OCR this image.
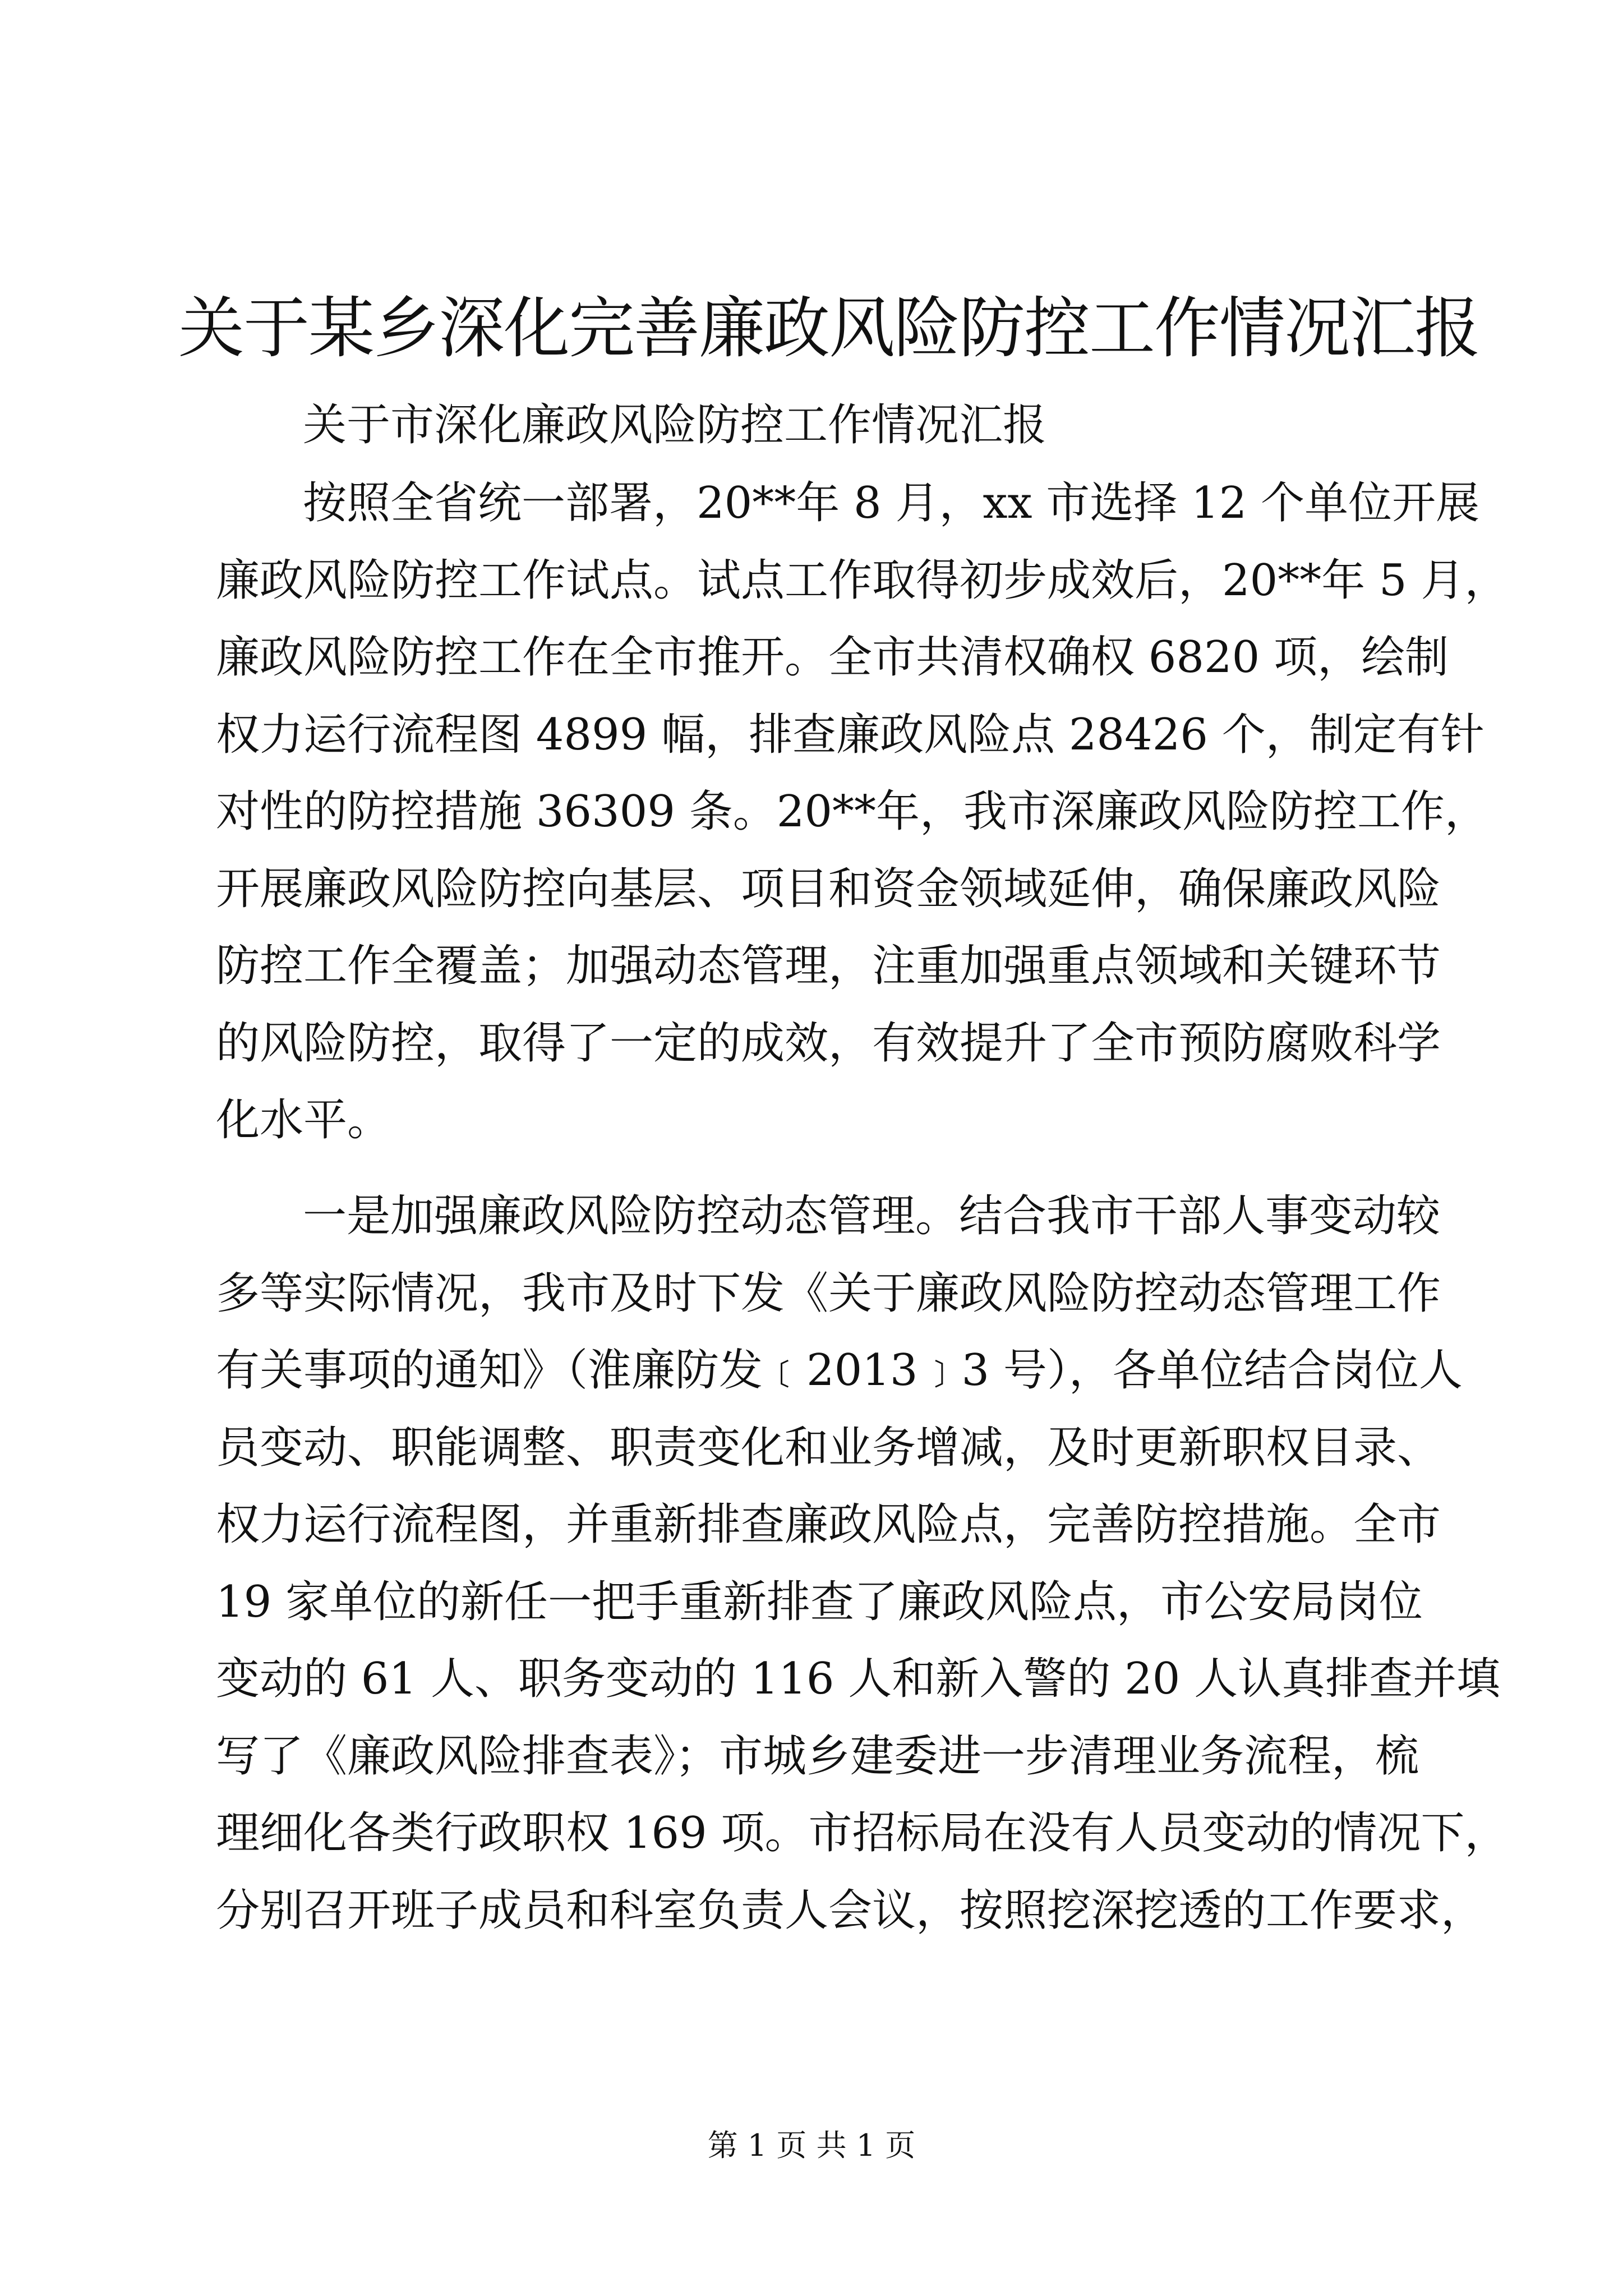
关于某乡深化完善廉政风险防控工作情况汇报

关于市深化廉政风险防控工作情况汇报

按照全省统一部署，20**年 8 月，xx 市选择 12 个单位开展

廉政风险防控工作试点。试点工作取得初步成效后，20**年 5 月，

廉政风险防控工作在全市推开。全市共清权确权 6820 项，绘制

权力运行流程图 4899 幅，排查廉政风险点 28426 个，制定有针

对性的防控措施 36309 条。20**年，我市深廉政风险防控工作，

开展廉政风险防控向基层、项目和资金领域延伸，确保廉政风险

防控工作全覆盖；加强动态管理，注重加强重点领域和关键环节

的风险防控，取得了一定的成效，有效提升了全市预防腐败科学

化水平。

一是加强廉政风险防控动态管理。结合我市干部人事变动较

多等实际情况，我市及时下发《关于廉政风险防控动态管理工作

有关事项的通知》（淮廉防发﹝2013﹞3 号），各单位结合岗位人

员变动、职能调整、职责变化和业务增减，及时更新职权目录、

权力运行流程图，并重新排查廉政风险点，完善防控措施。全市

19 家单位的新任一把手重新排查了廉政风险点，市公安局岗位

变动的 61 人、职务变动的 116 人和新入警的 20 人认真排查并填

写了《廉政风险排查表》；市城乡建委进一步清理业务流程，梳

理细化各类行政职权 169 项。市招标局在没有人员变动的情况下，

分别召开班子成员和科室负责人会议，按照挖深挖透的工作要求，

第 1 页 共 1 页
